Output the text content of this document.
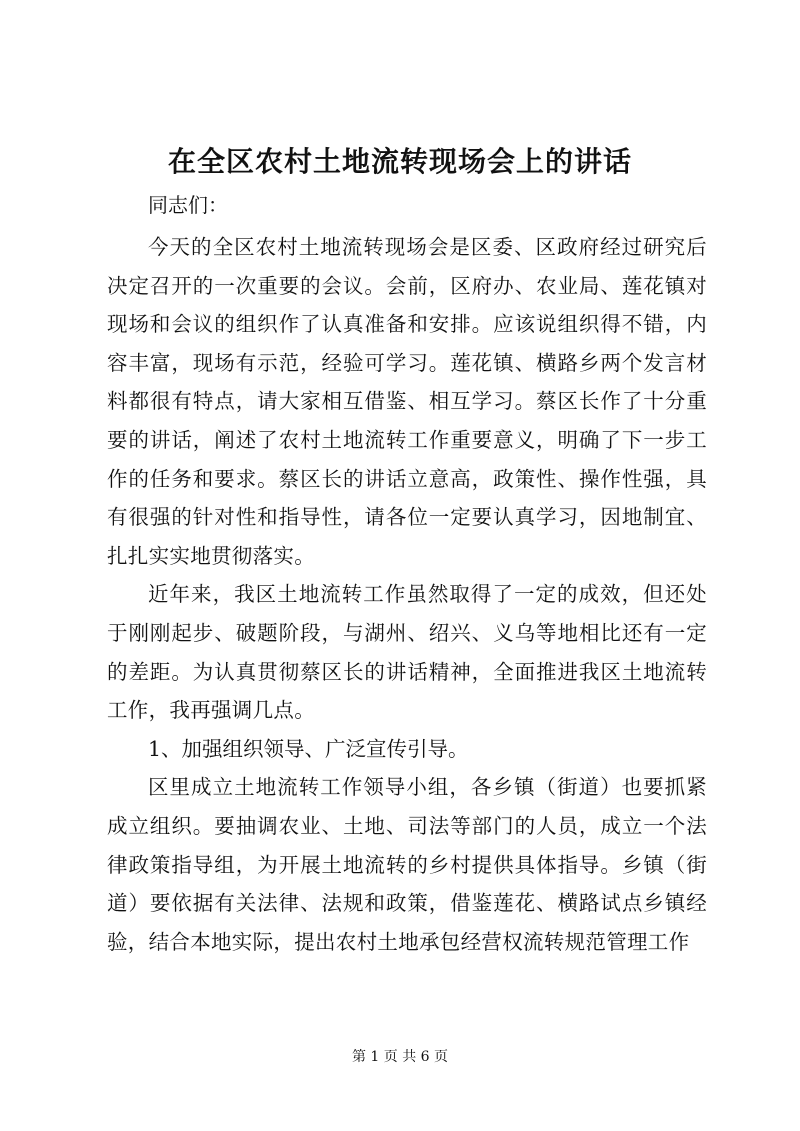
在全区农村土地流转现场会上的讲话

同志们：

今天的全区农村土地流转现场会是区委、区政府经过研究后决定召开的一次重要的会议。会前，区府办、农业局、莲花镇对现场和会议的组织作了认真准备和安排。应该说组织得不错，内容丰富，现场有示范，经验可学习。莲花镇、横路乡两个发言材料都很有特点，请大家相互借鉴、相互学习。蔡区长作了十分重要的讲话，阐述了农村土地流转工作重要意义，明确了下一步工作的任务和要求。蔡区长的讲话立意高，政策性、操作性强，具有很强的针对性和指导性，请各位一定要认真学习，因地制宜、扎扎实实地贯彻落实。

近年来，我区土地流转工作虽然取得了一定的成效，但还处于刚刚起步、破题阶段，与湖州、绍兴、义乌等地相比还有一定的差距。为认真贯彻蔡区长的讲话精神，全面推进我区土地流转工作，我再强调几点。

1、加强组织领导、广泛宣传引导。

区里成立土地流转工作领导小组，各乡镇（街道）也要抓紧成立组织。要抽调农业、土地、司法等部门的人员，成立一个法律政策指导组，为开展土地流转的乡村提供具体指导。乡镇（街道）要依据有关法律、法规和政策，借鉴莲花、横路试点乡镇经验，结合本地实际，提出农村土地承包经营权流转规范管理工作

第 1 页 共 6 页
